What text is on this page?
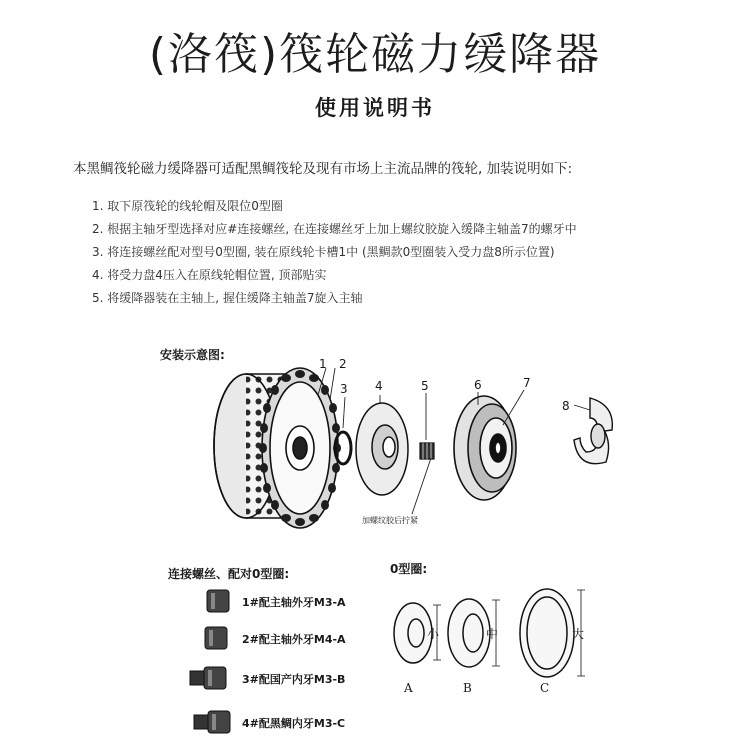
(洛筏)筏轮磁力缓降器
使用说明书
本黑鲷筏轮磁力缓降器可适配黑鲷筏轮及现有市场上主流品牌的筏轮, 加装说明如下:
1. 取下原筏轮的线轮帽及限位0型圈
2. 根据主轴牙型选择对应#连接螺丝, 在连接螺丝牙上加上螺纹胶旋入缓降主轴盖7的螺牙中
3. 将连接螺丝配对型号0型圈, 装在原线轮卡槽1中 (黑鲷款0型圈装入受力盘8所示位置)
4. 将受力盘4压入在原线轮帽位置, 顶部贴实
5. 将缓降器装在主轴上, 握住缓降主轴盖7旋入主轴
安装示意图:
1 2
3 4	5	6	7
8
加螺纹胶后拧紧
连接螺丝、配对0型圈:
1#配主轴外牙M3-A
2#配主轴外牙M4-A
3#配国产内牙M3-B
4#配黑鲷内牙M3-C
0型圈:
A	B	C
小	中	大
